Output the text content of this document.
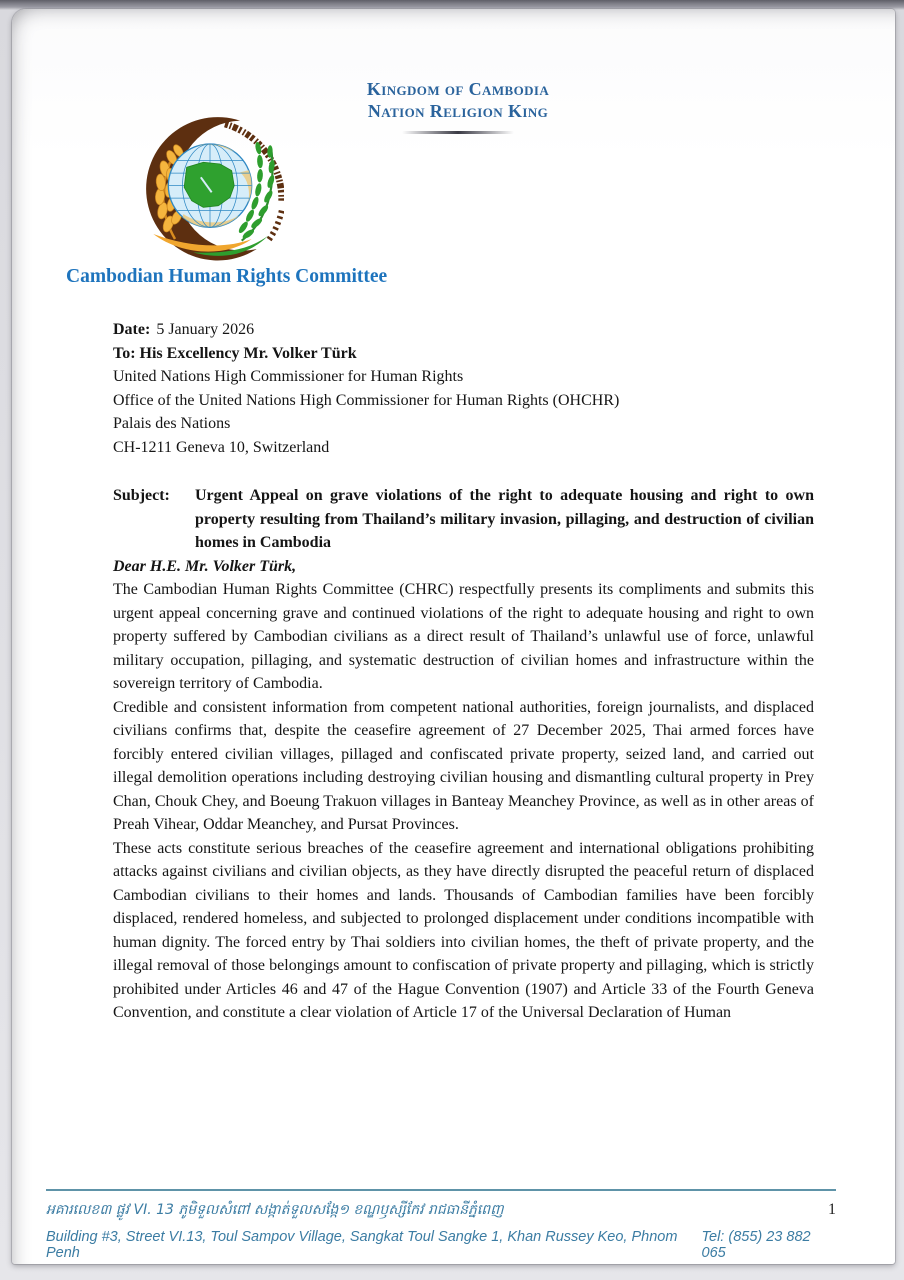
Kingdom of Cambodia
Nation Religion King
Cambodian Human Rights Committee

Date: 5 January 2026

To: His Excellency Mr. Volker Türk

United Nations High Commissioner for Human Rights

Office of the United Nations High Commissioner for Human Rights (OHCHR)

Palais des Nations

CH-1211 Geneva 10, Switzerland

Subject:	Urgent Appeal on grave violations of the right to adequate housing and right to own property resulting from Thailand’s military invasion, pillaging, and destruction of civilian homes in Cambodia

Dear H.E. Mr. Volker Türk,

The Cambodian Human Rights Committee (CHRC) respectfully presents its compliments and submits this urgent appeal concerning grave and continued violations of the right to adequate housing and right to own property suffered by Cambodian civilians as a direct result of Thailand’s unlawful use of force, unlawful military occupation, pillaging, and systematic destruction of civilian homes and infrastructure within the sovereign territory of Cambodia.

Credible and consistent information from competent national authorities, foreign journalists, and displaced civilians confirms that, despite the ceasefire agreement of 27 December 2025, Thai armed forces have forcibly entered civilian villages, pillaged and confiscated private property, seized land, and carried out illegal demolition operations including destroying civilian housing and dismantling cultural property in Prey Chan, Chouk Chey, and Boeung Trakuon villages in Banteay Meanchey Province, as well as in other areas of Preah Vihear, Oddar Meanchey, and Pursat Provinces.

These acts constitute serious breaches of the ceasefire agreement and international obligations prohibiting attacks against civilians and civilian objects, as they have directly disrupted the peaceful return of displaced Cambodian civilians to their homes and lands. Thousands of Cambodian families have been forcibly displaced, rendered homeless, and subjected to prolonged displacement under conditions incompatible with human dignity. The forced entry by Thai soldiers into civilian homes, the theft of private property, and the illegal removal of those belongings amount to confiscation of private property and pillaging, which is strictly prohibited under Articles 46 and 47 of the Hague Convention (1907) and Article 33 of the Fourth Geneva Convention, and constitute a clear violation of Article 17 of the Universal Declaration of Human

អគារលេខ៣ ផ្លូវ VI. 13 ភូមិទួលសំពៅ សង្កាត់ទួលសង្កែ១ ខណ្ឌឫស្សីកែវ រាជធានីភ្នំពេញ	1
Building #3, Street VI.13, Toul Sampov Village, Sangkat Toul Sangke 1, Khan Russey Keo, Phnom Penh
Tel: (855) 23 882 065
